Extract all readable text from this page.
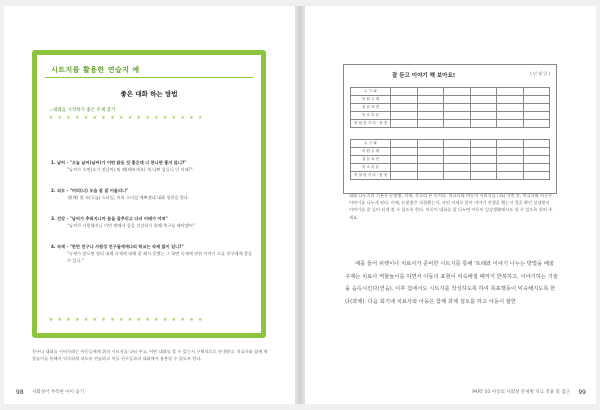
시트지를 활용한 연습지 예
좋은 대화 하는 방법
♤대화를 시작하기 좋은 주제 찾기
❦ ❦ ❦ ❦ ❦ ❦ ❦ ❦ ❦ ❦ ❦ ❦ ❦ ❦ ❦ ❦ ❦ ❦
1. 날씨 - "오늘 날씨(날씨)가 어떤 맑음 것 좋은데 너 한나면 좋지 않니?"
"날씨가 오면(오기 전날씨) 뭐 해(해보세요) 게 나쁘 힘들니 넌 어때?"
2. 외모 - "머리(너) 모습 잘 잘 어울리니"
생(해) 볼 모(오늘) 스타일, 머리 스타일 예쁘겠네 대화 칭찬을 한다.
3. 건강 - "날씨가 추워지니까 몸을 잘추리고 다녀 어때가 어떠"
"날씨가 시원해지니 이번 밖에서 몸을 건강하기 위해 축구를 해야겠어"
4. 숙제 - "한번 친구나 사람성 친구들에게나의 학교는 숙제 많이 있니?"
"숙제가 많으면 정리 대해 숙제에 대해 잘 해서 못했는 그 하면 숙제에 관한 이야기 도를 친구에게 좋을 수 있니."
❦ ❦ ❦ ❦ ❦ ❦ ❦ ❦ ❦ ❦ ❦ ❦ ❦ ❦ ❦ ❦ ❦ ❦
친구나 대화를 이어가려는 아동들에게 위의 시트지를 나눠 주고, 어떤 대화를 할 수 있는지 구체적으로 안내한다. 치료사와 함께 역할놀이를 통해서 익숙하게 되도록 연습하고 이를 친구들과의 대화에서 유용할 수 있도록 한다.
98 사회성이 부족한 아이 돕기
잘 듣고 이야기 해 보아요!	( 년 월 일 )
누 구 와						
어 떤 주 제						
질 문 표 현						
목 소 리 톤						
적 절 한 거 리 · 몸 짓						
누 구 와						
어 떤 주 제						
질 문 표 현						
목 소 리 톤						
적 절 한 거 리 · 몸 짓						
대화 나누기의 기본은 눈맞춤, 자세, 목소리 톤 등이다. 치료사와 아동이 시트지를 나눠 가진 후, 치료사와 아동은 이야기를 나누게 된다. 이때, 눈맞춤은 적절했는지, 자연 자세로 앉아 이야기 진행을 했는지 얼굴 확인 상대방이 이야기를 잘 들어 되게 볼 수 있도록 한다. 아동이 대화를 잘 나누면 아동이 일상생활에서도 할 수 있도록 알려 주세요.
예를 들어 피켓이나 치료사가 준비한 시트지를 통해 '또래와 이야기 나누는 방법을 배울 주제는 치료사 역할놀이를 하면서 아동의 표현이 익숙해질 때까지 반복하고, 이야기하는 기술을 습득시킨다(연습). 이후 집에서도 시트지를 작성하도록 하여 목표행동이 익숙해지도록 한다(과제). 다음 회기에 치료사와 아동은 함께 과제 검토를 하고 아동이 잘한
PART 03 아동의 사회성 문제별 치료 적용 및 접근 99
